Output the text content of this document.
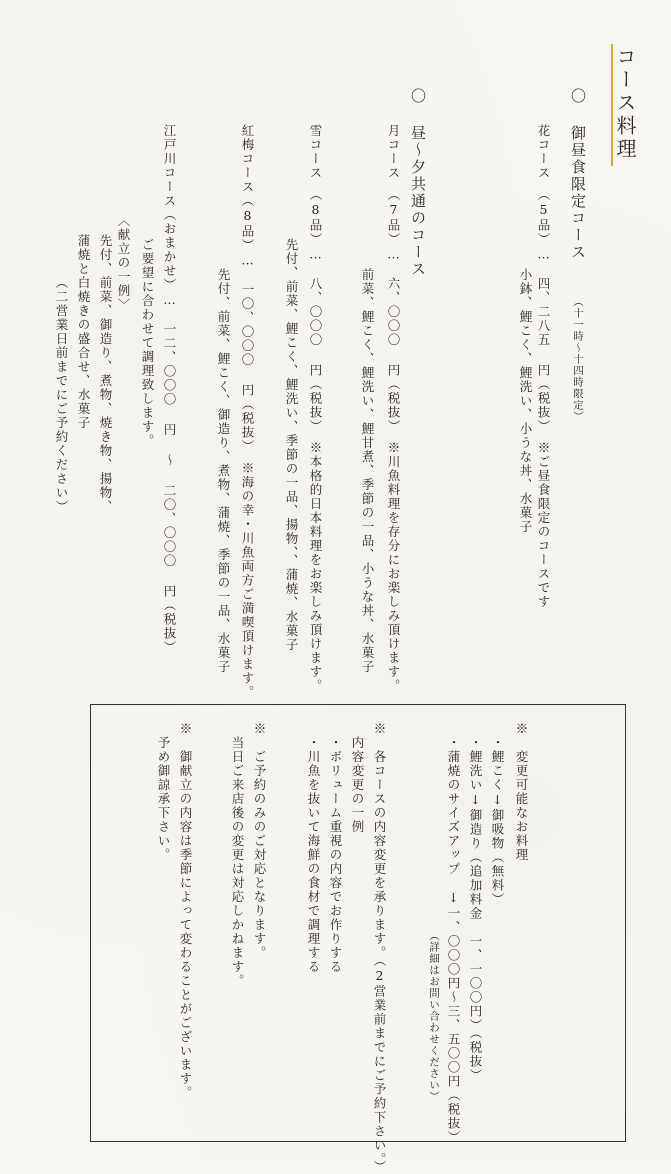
コース料理
〇 御昼食限定コース
（十一時〜十四時限定）
花コース　（5品）…　四、二八五 円（税抜）　※ご昼食限定のコースです
小鉢、鯉こく、鯉洗い、小うな丼、水菓子
〇 昼〜夕共通のコース
月コース　（7品）…　六、〇〇〇 円（税抜）　※川魚料理を存分にお楽しみ頂けます。
前菜、鯉こく、鯉洗い、鯉甘煮、季節の一品、小うな丼、水菓子
雪コース　（8品）…　八、〇〇〇 円（税抜）　※本格的日本料理をお楽しみ頂けます。
先付、前菜、鯉こく、鯉洗い、季節の一品、揚物、、蒲焼、水菓子
紅梅コース（8品）…　一〇、〇〇〇 円（税抜）　※海の幸・川魚両方ご満喫頂けます。
先付、前菜、鯉こく、御造り、煮物、蒲焼、季節の一品、水菓子
江戸川コース（おまかせ）…　一二、〇〇〇 円 〜 二〇、〇〇〇 円（税抜）
ご要望に合わせて調理致します。
〈献立の一例〉
先付、前菜、御造り、煮物、焼き物、揚物、
蒲焼と白焼きの盛合せ、水菓子
（二営業日前までにご予約ください）
※　変更可能なお料理
・鯉こく↓御吸物（無料）
・鯉洗い↓御造り（追加料金　一、一〇〇円）（税抜）
・蒲焼のサイズアップ　↓一、〇〇〇円〜三、五〇〇円（税抜）
（詳細はお問い合わせください）
※　各コースの内容変更を承ります。（2営業前までにご予約下さい。）
内容変更の一例
・ボリューム重視の内容でお作りする
・川魚を抜いて海鮮の食材で調理する
※　ご予約のみのご対応となります。
当日ご来店後の変更は対応しかねます。
※　御献立の内容は季節によって変わることがございます。
予め御諒承下さい。
